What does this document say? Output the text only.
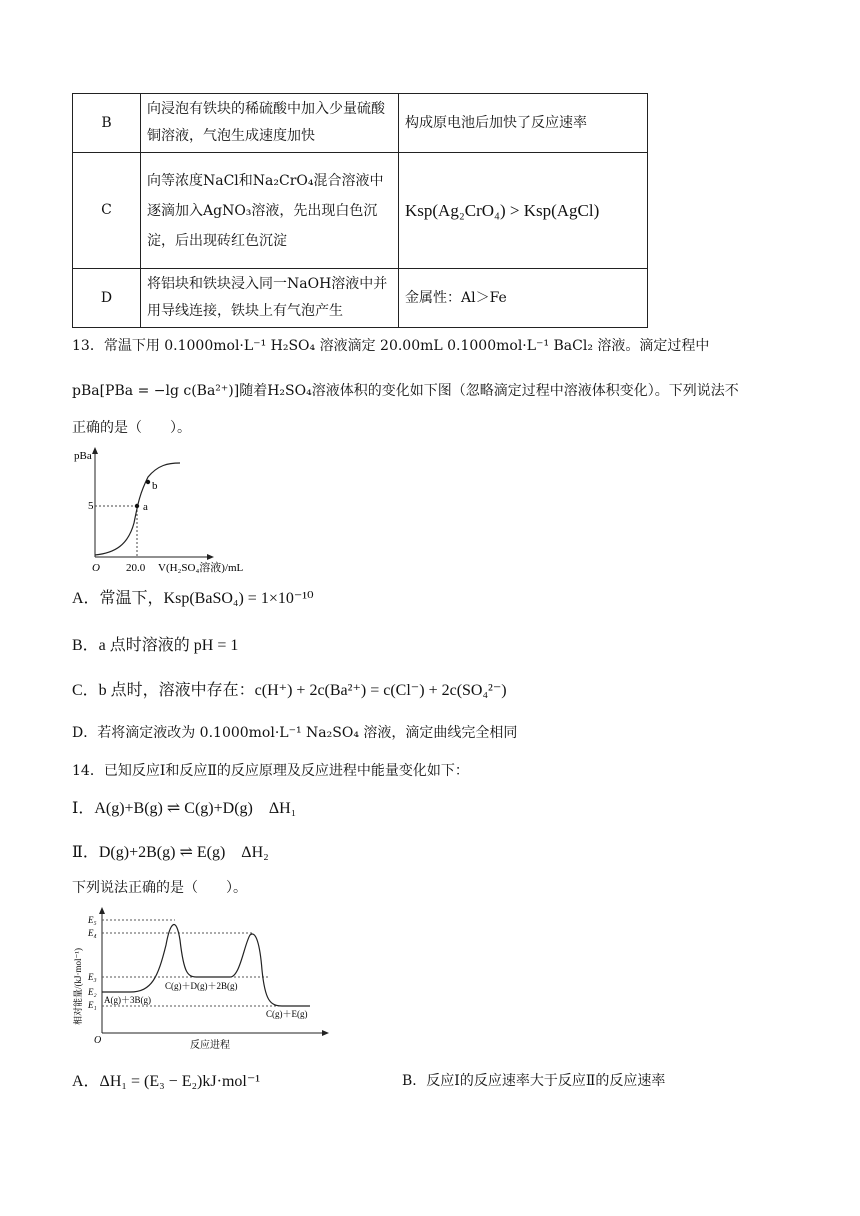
B	向浸泡有铁块的稀硫酸中加入少量硫酸铜溶液，气泡生成速度加快	构成原电池后加快了反应速率
C	向等浓度NaCl和Na₂CrO₄混合溶液中逐滴加入AgNO₃溶液，先出现白色沉淀，后出现砖红色沉淀	Ksp(Ag₂CrO₄) > Ksp(AgCl)
D	将铝块和铁块浸入同一NaOH溶液中并用导线连接，铁块上有气泡产生	金属性：Al＞Fe
13．常温下用 0.1000mol·L⁻¹ H₂SO₄ 溶液滴定 20.00mL 0.1000mol·L⁻¹ BaCl₂ 溶液。滴定过程中
pBa[PBa = −lg c(Ba²⁺)]随着H₂SO₄溶液体积的变化如下图（忽略滴定过程中溶液体积变化）。下列说法不
正确的是（　　）。
pBa
5
O 20.0 V(H₂SO₄溶液)/mL
a
b
A．常温下，Ksp(BaSO₄) = 1×10⁻¹⁰
B．a 点时溶液的 pH = 1
C．b 点时，溶液中存在：c(H⁺) + 2c(Ba²⁺) = c(Cl⁻) + 2c(SO₄²⁻)
D．若将滴定液改为 0.1000mol·L⁻¹ Na₂SO₄ 溶液，滴定曲线完全相同
14．已知反应Ⅰ和反应Ⅱ的反应原理及反应进程中能量变化如下：
Ⅰ．A(g)+B(g) ⇌ C(g)+D(g)　ΔH₁
Ⅱ．D(g)+2B(g) ⇌ E(g)　ΔH₂
下列说法正确的是（　　）。
相对能量/(kJ·mol⁻¹)
O	反应进程
E₅
E₄
E₃
E₂
E₁ A(g)＋3B(g)
C(g)＋D(g)＋2B(g)
C(g)＋E(g)
A．ΔH₁ = (E₃ − E₂)kJ·mol⁻¹	B．反应Ⅰ的反应速率大于反应Ⅱ的反应速率
